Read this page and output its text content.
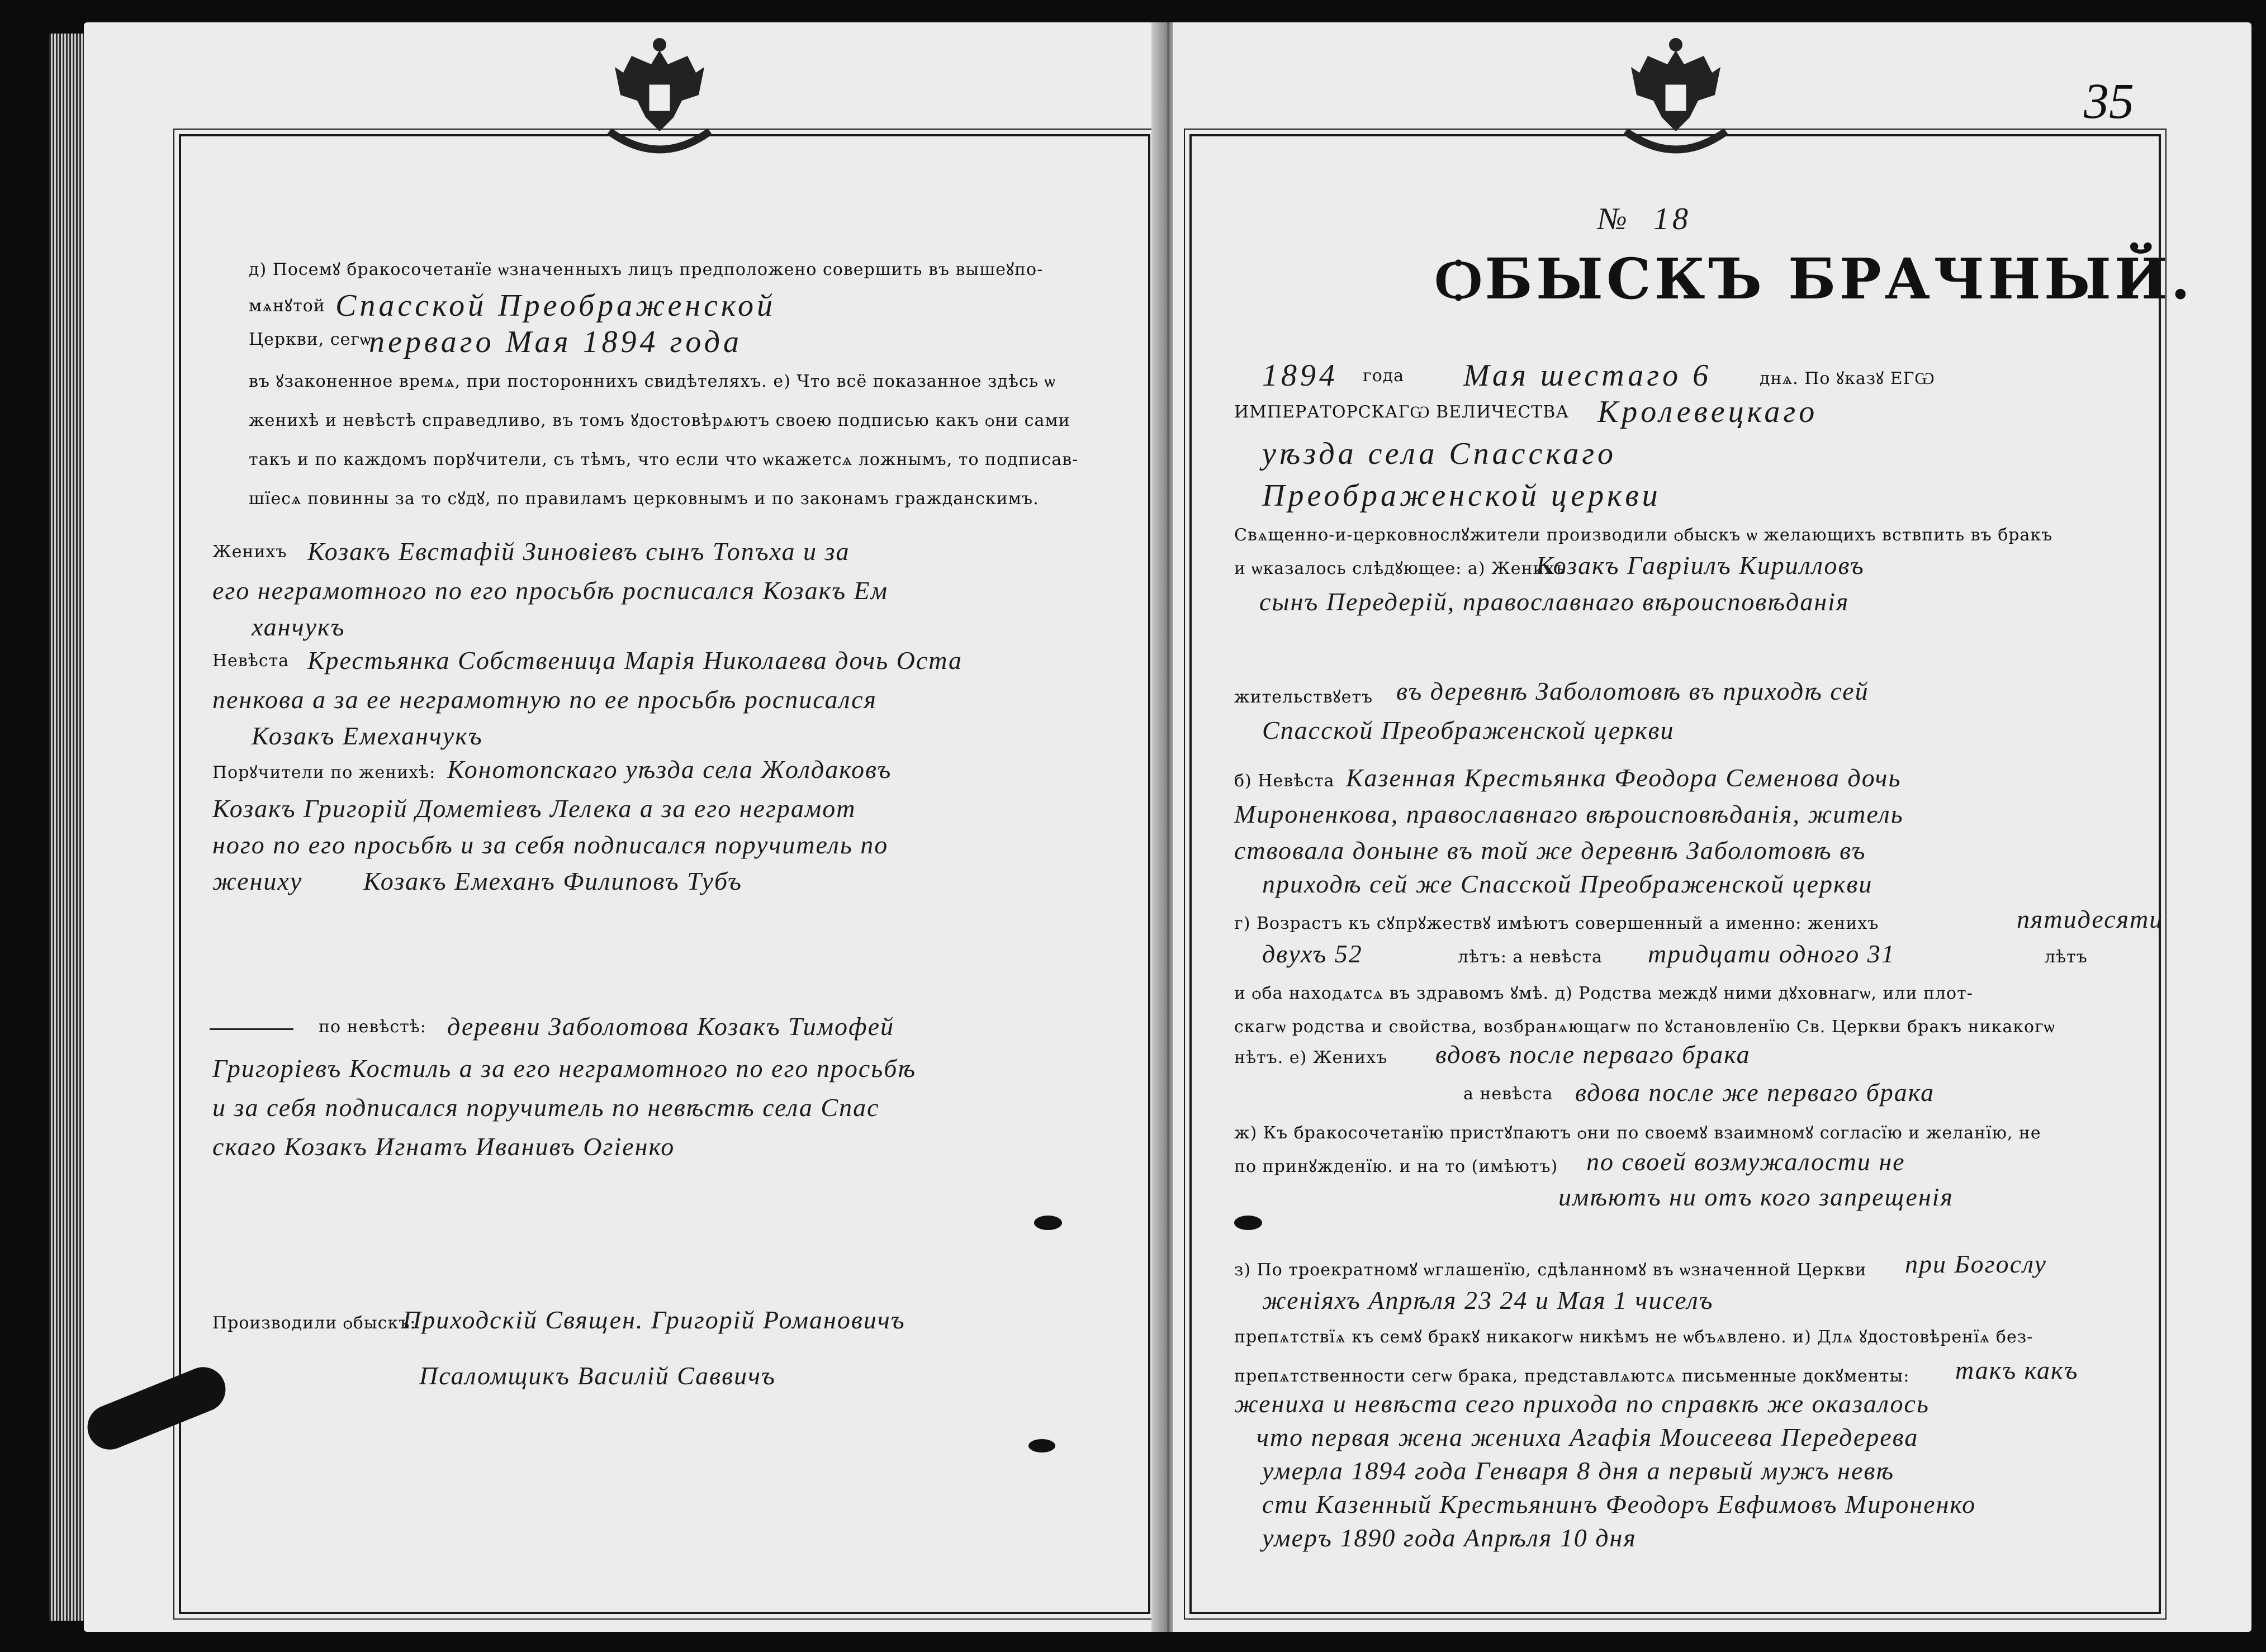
д) Посемꙋ бракосочетанїе ѡзначенныхъ лицъ предположено совершить въ вышеꙋпо-
мѧнꙋтой Спасской Преображенской
Церкви, сегѡ
перваго Мая 1894 года
въ ꙋзаконенное времѧ, при постороннихъ свидѣтеляхъ. е) Что всё показанное здѣсь ѡ
женихѣ и невѣстѣ справедливо, въ томъ ꙋдостовѣрѧютъ своею подписью какъ ѻни сами
такъ и по каждомъ порꙋчители, съ тѣмъ, что если что ѡкажетсѧ ложнымъ, то подписав-
шїесѧ повинны за то сꙋдꙋ, по правиламъ церковнымъ и по законамъ гражданскимъ.
Женихъ Козакъ Евстафiй Зиновiевъ сынъ Топъха и за
его неграмотного по его просьбѣ росписался Козакъ Ем
ханчукъ
Невѣста Крестьянка Собственица Марiя Николаева дочь Оста
пенкова а за ее неграмотную по ее просьбѣ росписался
Козакъ Емеханчукъ
Порꙋчители по женихѣ: Конотопскаго уѣзда села Жолдаковъ
Козакъ Григорiй Дометiевъ Лелека а за его неграмот
ного по его просьбѣ и за себя подписался поручитель по
жениху Козакъ Емеханъ Филиповъ Тубъ
по невѣстѣ: деревни Заболотова Козакъ Тимофей
Григорiевъ Костиль а за его неграмотного по его просьбѣ
и за себя подписался поручитель по невѣстѣ села Спас
скаго Козакъ Игнатъ Иванивъ Огiенко
Производили ѻбыскъ:
Приходскiй Священ. Григорiй Романовичъ
Псаломщикъ Василiй Саввичъ
35
№ 18
ѺБЫСКЪ БРАЧНЫЙ.
1894 года Мая шестаго 6	днѧ. По ꙋказꙋ ЕГѠ
ИМПЕРАТОРСКАГѠ ВЕЛИЧЕСТВА Кролевецкаго
уѣзда села Спасскаго
Преображенской церкви
Свѧщенно-и-церковнослꙋжители производили ѻбыскъ ѡ желающихъ вствпить въ бракъ
и ѡказалось слѣдꙋющее: а) Женихъ
Козакъ Гаврiилъ Кирилловъ
сынъ Передерiй, православнаго вѣроисповѣданiя
жительствꙋетъ въ деревнѣ Заболотовѣ въ приходѣ сей
Спасской Преображенской церкви
б) Невѣста Казенная Крестьянка Феодора Семенова дочь
Мироненкова, православнаго вѣроисповѣданiя, житель
ствовала доныне въ той же деревнѣ Заболотовѣ въ
приходѣ сей же Спасской Преображенской церкви
г) Возрастъ къ сꙋпрꙋжествꙋ имѣютъ совершенный а именно: женихъ	пятидесяти
двухъ 52	лѣтъ: а невѣста тридцати одного 31	лѣтъ
и ѻба находѧтсѧ въ здравомъ ꙋмѣ. д) Родства междꙋ ними дꙋховнагѡ, или плот-
скагѡ родства и свойства, возбранѧющагѡ по ꙋстановленїю Св. Церкви бракъ никакогѡ
нѣтъ. е) Женихъ вдовъ после перваго брака
а невѣста вдова после же перваго брака
ж) Къ бракосочетанїю пристꙋпаютъ ѻни по своемꙋ взаимномꙋ согласїю и желанїю, не
по принꙋжденїю. и на то (имѣютъ) по своей возмужалости не
имѣютъ ни отъ кого запрещенiя
з) По троекратномꙋ ѡглашенїю, сдѣланномꙋ въ ѡзначенной Церкви при Богослу
женiяхъ Апрѣля 23 24 и Мая 1 чиселъ
препѧтствїѧ къ семꙋ бракꙋ никакогѡ никѣмъ не ѡбъѧвлено. и) Длѧ ꙋдостовѣренїѧ без-
препѧтственности сегѡ брака, представлѧютсѧ письменные докꙋменты: такъ какъ
жениха и невѣста сего прихода по справкѣ же оказалось
что первая жена жениха Агафiя Моисеева Передерева
умерла 1894 года Генваря 8 дня а первый мужъ невѣ
сти Казенный Крестьянинъ Феодоръ Евфимовъ Мироненко
умеръ 1890 года Апрѣля 10 дня
